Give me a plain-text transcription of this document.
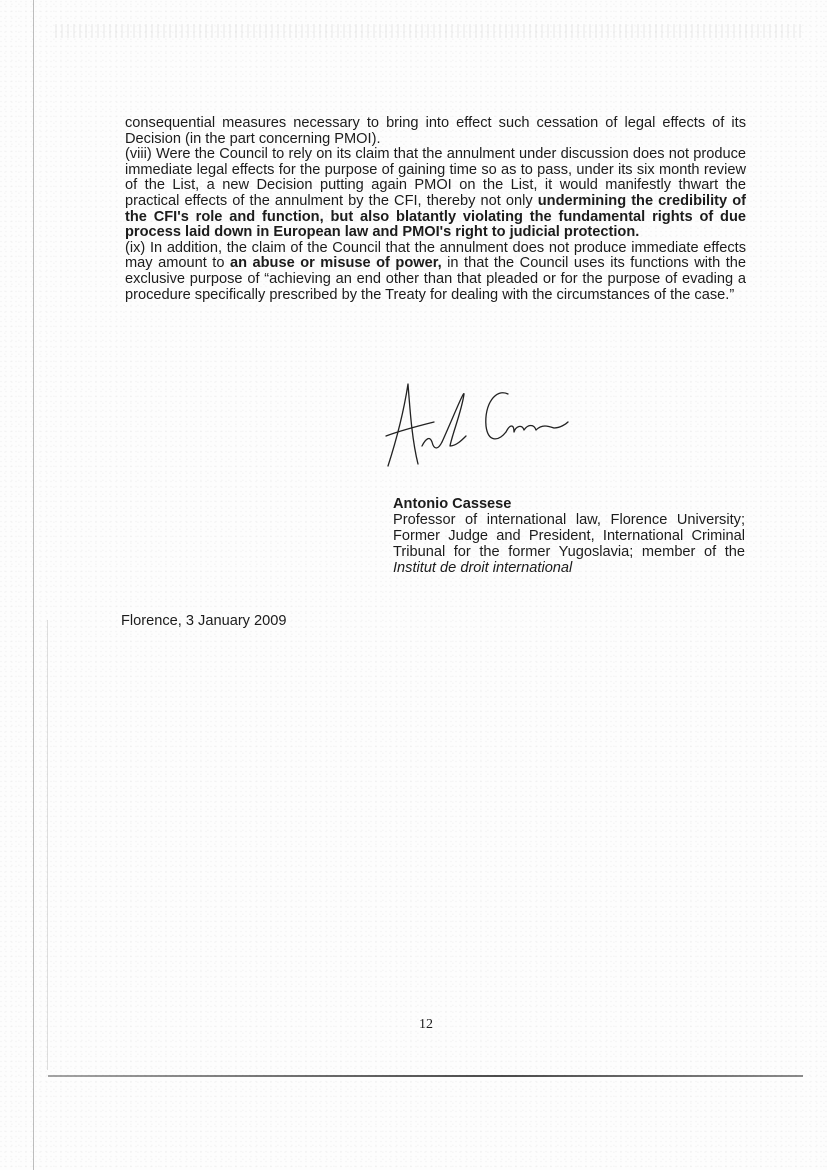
consequential measures necessary to bring into effect such cessation of legal effects of its Decision (in the part concerning PMOI).

(viii) Were the Council to rely on its claim that the annulment under discussion does not produce immediate legal effects for the purpose of gaining time so as to pass, under its six month review of the List, a new Decision putting again PMOI on the List, it would manifestly thwart the practical effects of the annulment by the CFI, thereby not only undermining the credibility of the CFI's role and function, but also blatantly violating the fundamental rights of due process laid down in European law and PMOI's right to judicial protection.

(ix) In addition, the claim of the Council that the annulment does not produce immediate effects may amount to an abuse or misuse of power, in that the Council uses its functions with the exclusive purpose of “achieving an end other than that pleaded or for the purpose of evading a procedure specifically prescribed by the Treaty for dealing with the circumstances of the case.”

Antonio Cassese
Professor of international law, Florence University; Former Judge and President, International Criminal Tribunal for the former Yugoslavia; member of the Institut de droit international
Florence, 3 January 2009
12
